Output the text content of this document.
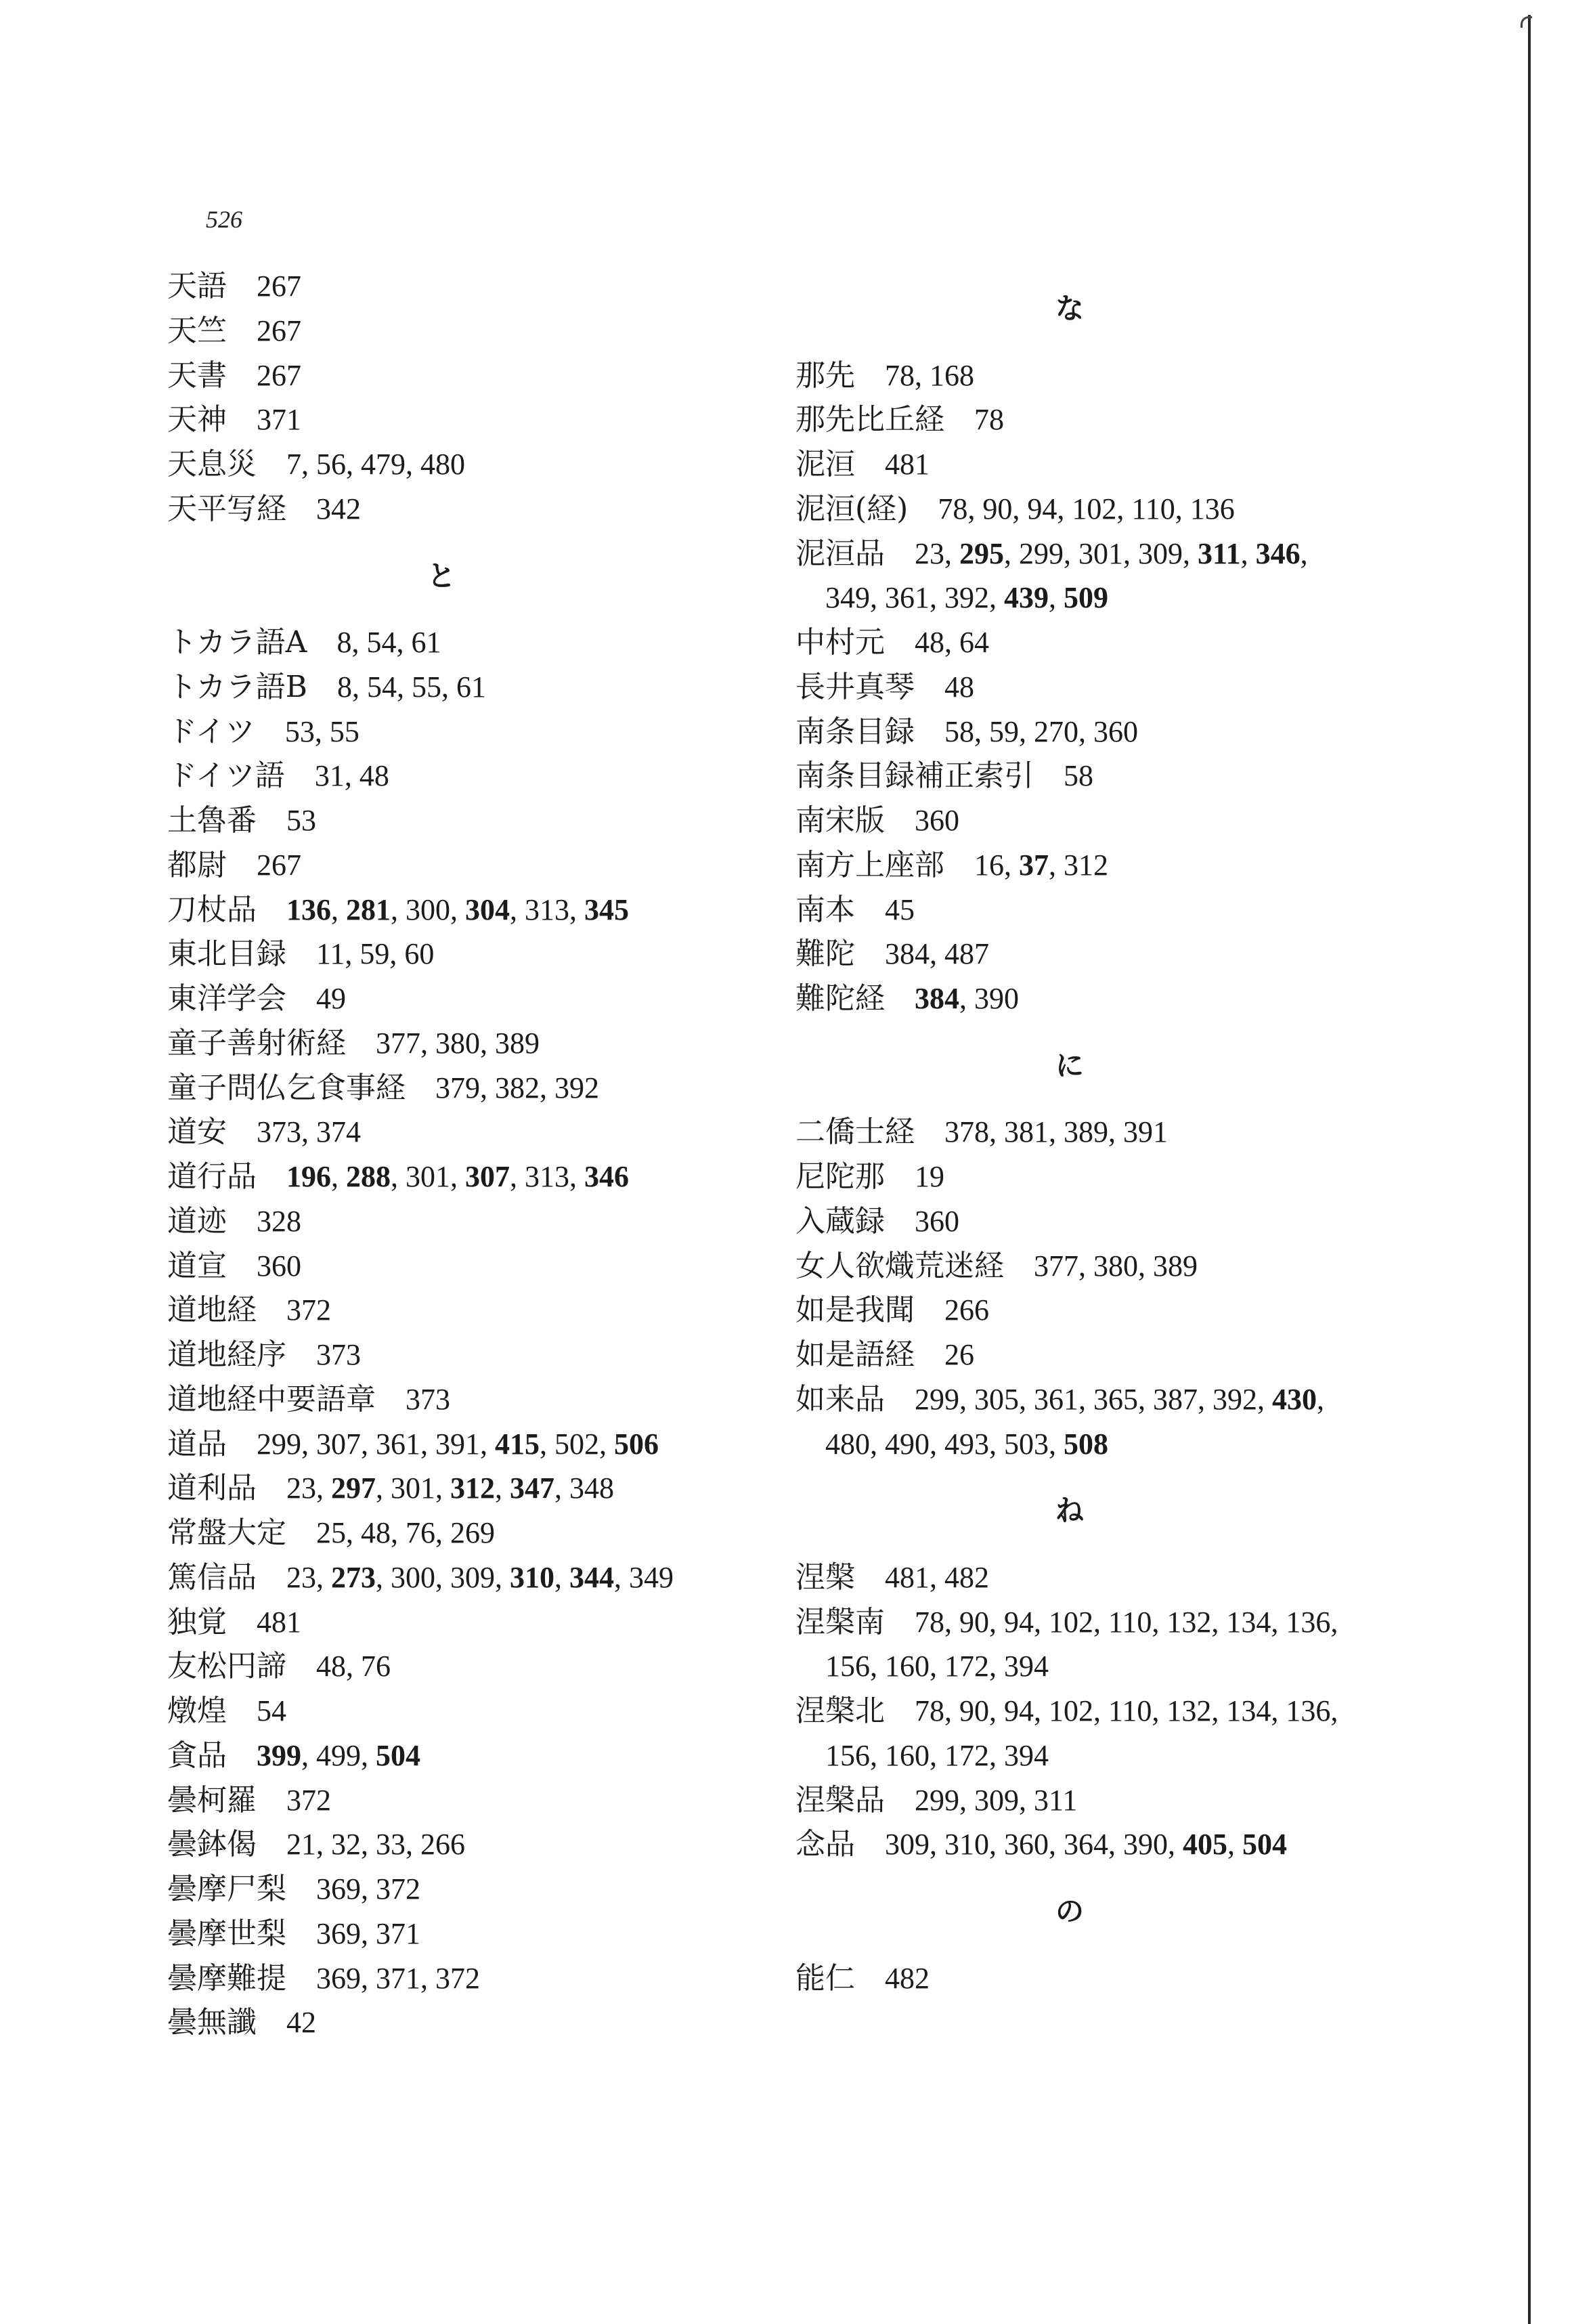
526
天語 267
天竺 267
天書 267
天神 371
天息災 7, 56, 479, 480
天平写経 342
と
トカラ語A 8, 54, 61
トカラ語B 8, 54, 55, 61
ドイツ 53, 55
ドイツ語 31, 48
土魯番 53
都尉 267
刀杖品 136, 281, 300, 304, 313, 345
東北目録 11, 59, 60
東洋学会 49
童子善射術経 377, 380, 389
童子問仏乞食事経 379, 382, 392
道安 373, 374
道行品 196, 288, 301, 307, 313, 346
道迹 328
道宣 360
道地経 372
道地経序 373
道地経中要語章 373
道品 299, 307, 361, 391, 415, 502, 506
道利品 23, 297, 301, 312, 347, 348
常盤大定 25, 48, 76, 269
篤信品 23, 273, 300, 309, 310, 344, 349
独覚 481
友松円諦 48, 76
燉煌 54
貪品 399, 499, 504
曇柯羅 372
曇鉢偈 21, 32, 33, 266
曇摩尸梨 369, 372
曇摩世梨 369, 371
曇摩難提 369, 371, 372
曇無讖 42
な
那先 78, 168
那先比丘経 78
泥洹 481
泥洹(経) 78, 90, 94, 102, 110, 136
泥洹品 23, 295, 299, 301, 309, 311, 346,
349, 361, 392, 439, 509
中村元 48, 64
長井真琴 48
南条目録 58, 59, 270, 360
南条目録補正索引 58
南宋版 360
南方上座部 16, 37, 312
南本 45
難陀 384, 487
難陀経 384, 390
に
二僑士経 378, 381, 389, 391
尼陀那 19
入蔵録 360
女人欲熾荒迷経 377, 380, 389
如是我聞 266
如是語経 26
如来品 299, 305, 361, 365, 387, 392, 430,
480, 490, 493, 503, 508
ね
涅槃 481, 482
涅槃南 78, 90, 94, 102, 110, 132, 134, 136,
156, 160, 172, 394
涅槃北 78, 90, 94, 102, 110, 132, 134, 136,
156, 160, 172, 394
涅槃品 299, 309, 311
念品 309, 310, 360, 364, 390, 405, 504
の
能仁 482
